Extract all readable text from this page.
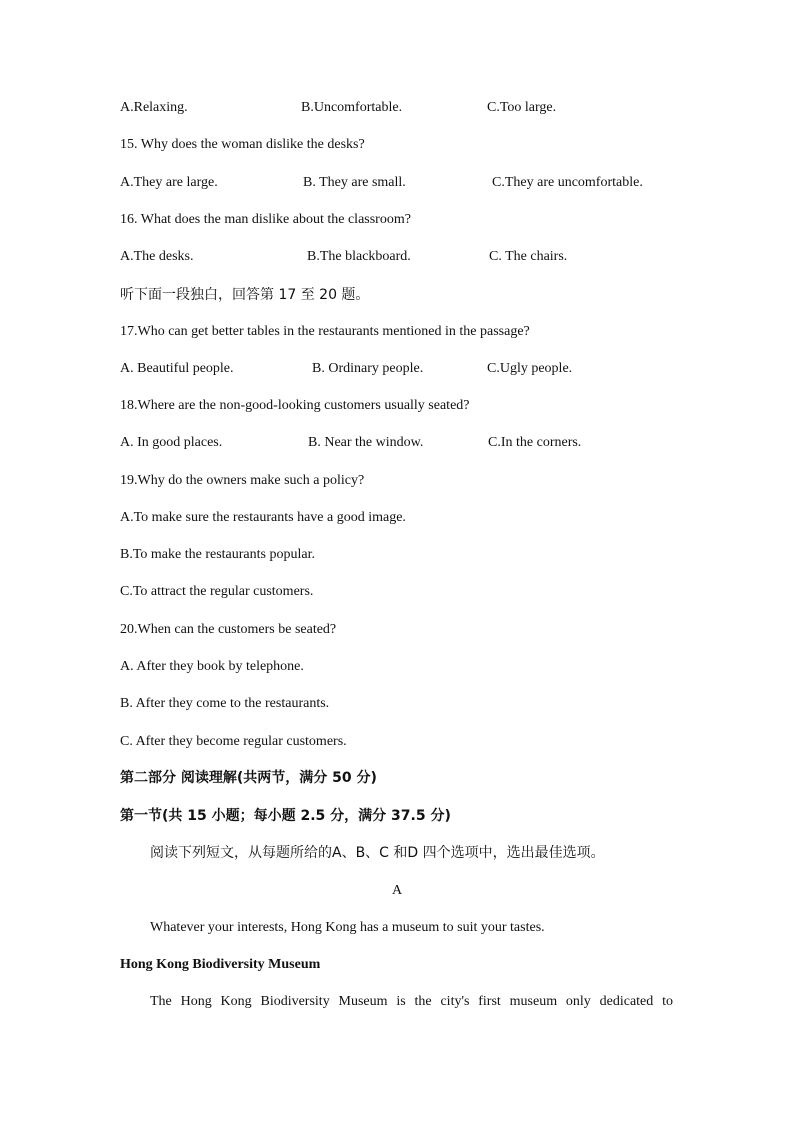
A.Relaxing.	B.Uncomfortable.	C.Too large.
15. Why does the woman dislike the desks?
A.They are large.	B. They are small.	C.They are uncomfortable.
16. What does the man dislike about the classroom?
A.The desks.	B.The blackboard.	C. The chairs.
听下面一段独白，回答第 17 至 20 题。
17.Who can get better tables in the restaurants mentioned in the passage?
A. Beautiful people.	B. Ordinary people.	C.Ugly people.
18.Where are the non-good-looking customers usually seated?
A. In good places.	B. Near the window.	C.In the corners.
19.Why do the owners make such a policy?
A.To make sure the restaurants have a good image.
B.To make the restaurants popular.
C.To attract the regular customers.
20.When can the customers be seated?
A. After they book by telephone.
B. After they come to the restaurants.
C. After they become regular customers.
第二部分 阅读理解(共两节，满分 50 分)
第一节(共 15 小题；每小题 2.5 分，满分 37.5 分)
阅读下列短文，从每题所给的A、B、C 和D 四个选项中，选出最佳选项。
A
Whatever your interests, Hong Kong has a museum to suit your tastes.
Hong Kong Biodiversity Museum
The Hong Kong Biodiversity Museum is the city's first museum only dedicated to
